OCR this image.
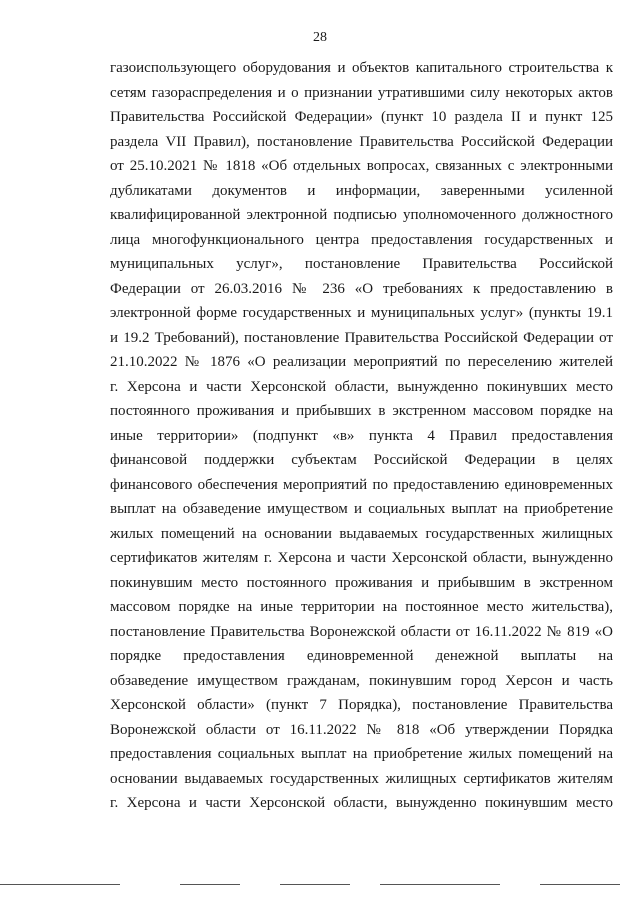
28
газоиспользующего оборудования и объектов капитального строительства к
сетям газораспределения и о признании утратившими силу некоторых актов
Правительства Российской Федерации» (пункт 10 раздела II и пункт 125
раздела VII Правил), постановление Правительства Российской Федерации
от 25.10.2021 № 1818 «Об отдельных вопросах, связанных с электронными
дубликатами документов и информации, заверенными усиленной
квалифицированной электронной подписью уполномоченного должностного
лица многофункционального центра предоставления государственных и
муниципальных услуг», постановление Правительства Российской
Федерации от 26.03.2016 № 236 «О требованиях к предоставлению в
электронной форме государственных и муниципальных услуг» (пункты 19.1
и 19.2 Требований), постановление Правительства Российской Федерации от
21.10.2022 № 1876 «О реализации мероприятий по переселению жителей
г. Херсона и части Херсонской области, вынужденно покинувших место
постоянного проживания и прибывших в экстренном массовом порядке на
иные территории» (подпункт «в» пункта 4 Правил предоставления
финансовой поддержки субъектам Российской Федерации в целях
финансового обеспечения мероприятий по предоставлению единовременных
выплат на обзаведение имуществом и социальных выплат на приобретение
жилых помещений на основании выдаваемых государственных жилищных
сертификатов жителям г. Херсона и части Херсонской области, вынужденно
покинувшим место постоянного проживания и прибывшим в экстренном
массовом порядке на иные территории на постоянное место жительства),
постановление Правительства Воронежской области от 16.11.2022 № 819 «О
порядке предоставления единовременной денежной выплаты на
обзаведение имуществом гражданам, покинувшим город Херсон и часть
Херсонской области» (пункт 7 Порядка), постановление Правительства
Воронежской области от 16.11.2022 № 818 «Об утверждении Порядка
предоставления социальных выплат на приобретение жилых помещений на
основании выдаваемых государственных жилищных сертификатов жителям
г. Херсона и части Херсонской области, вынужденно покинувшим место
